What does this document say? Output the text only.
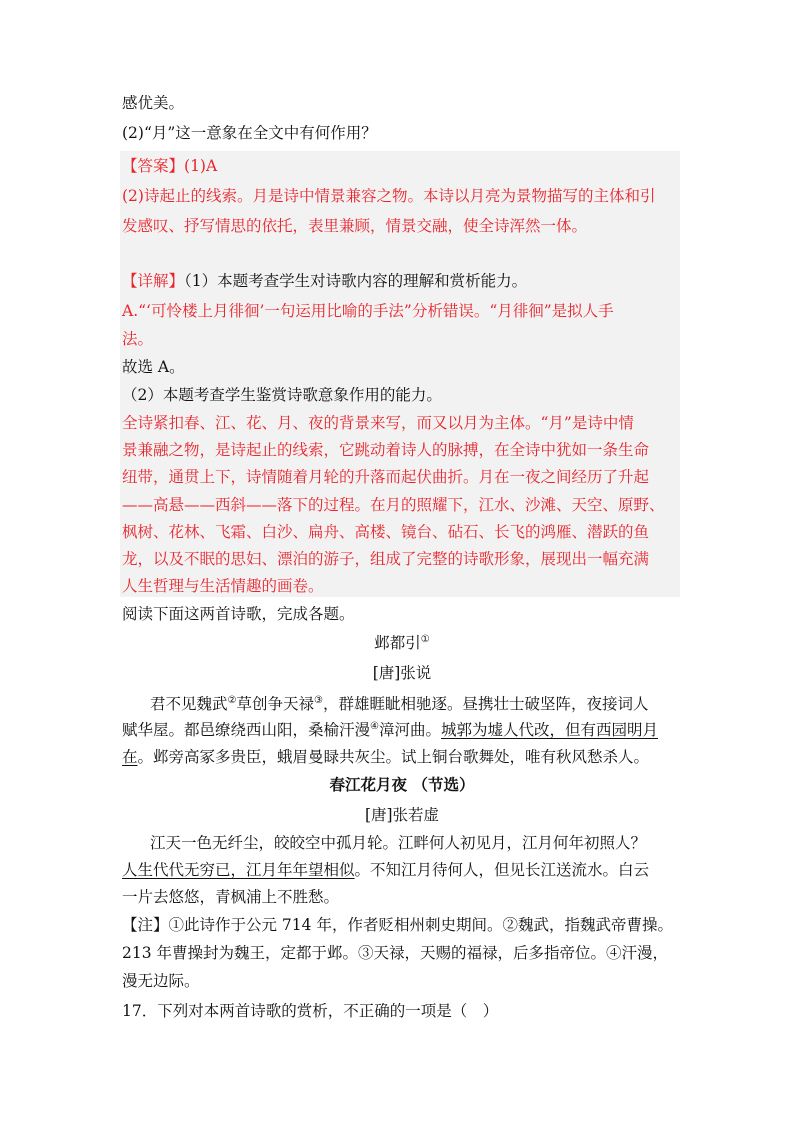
感优美。
(2)“月”这一意象在全文中有何作用？
【答案】(1)A
(2)诗起止的线索。月是诗中情景兼容之物。本诗以月亮为景物描写的主体和引
发感叹、抒写情思的依托，表里兼顾，情景交融，使全诗浑然一体。
【详解】（1）本题考查学生对诗歌内容的理解和赏析能力。
A.“‘可怜楼上月徘徊’一句运用比喻的手法”分析错误。“月徘徊”是拟人手
法。
故选 A。
（2）本题考查学生鉴赏诗歌意象作用的能力。
全诗紧扣春、江、花、月、夜的背景来写，而又以月为主体。“月”是诗中情
景兼融之物，是诗起止的线索，它跳动着诗人的脉搏，在全诗中犹如一条生命
纽带，通贯上下，诗情随着月轮的升落而起伏曲折。月在一夜之间经历了升起
——高悬——西斜——落下的过程。在月的照耀下，江水、沙滩、天空、原野、
枫树、花林、飞霜、白沙、扁舟、高楼、镜台、砧石、长飞的鸿雁、潜跃的鱼
龙，以及不眠的思妇、漂泊的游子，组成了完整的诗歌形象，展现出一幅充满
人生哲理与生活情趣的画卷。
阅读下面这两首诗歌，完成各题。
邺都引①
[唐]张说
君不见魏武②草创争天禄③，群雄睚眦相驰逐。昼携壮士破坚阵，夜接词人
赋华屋。都邑缭绕西山阳，桑榆汗漫④漳河曲。城郭为墟人代改，但有西园明月
在。邺旁高冢多贵臣，蛾眉曼睩共灰尘。试上铜台歌舞处，唯有秋风愁杀人。
春江花月夜 （节选）
[唐]张若虚
江天一色无纤尘，皎皎空中孤月轮。江畔何人初见月，江月何年初照人？
人生代代无穷已，江月年年望相似。不知江月待何人，但见长江送流水。白云
一片去悠悠，青枫浦上不胜愁。
【注】①此诗作于公元 714 年，作者贬相州刺史期间。②魏武，指魏武帝曹操。
213 年曹操封为魏王，定都于邺。③天禄，天赐的福禄，后多指帝位。④汗漫，
漫无边际。
17．下列对本两首诗歌的赏析，不正确的一项是（　）
